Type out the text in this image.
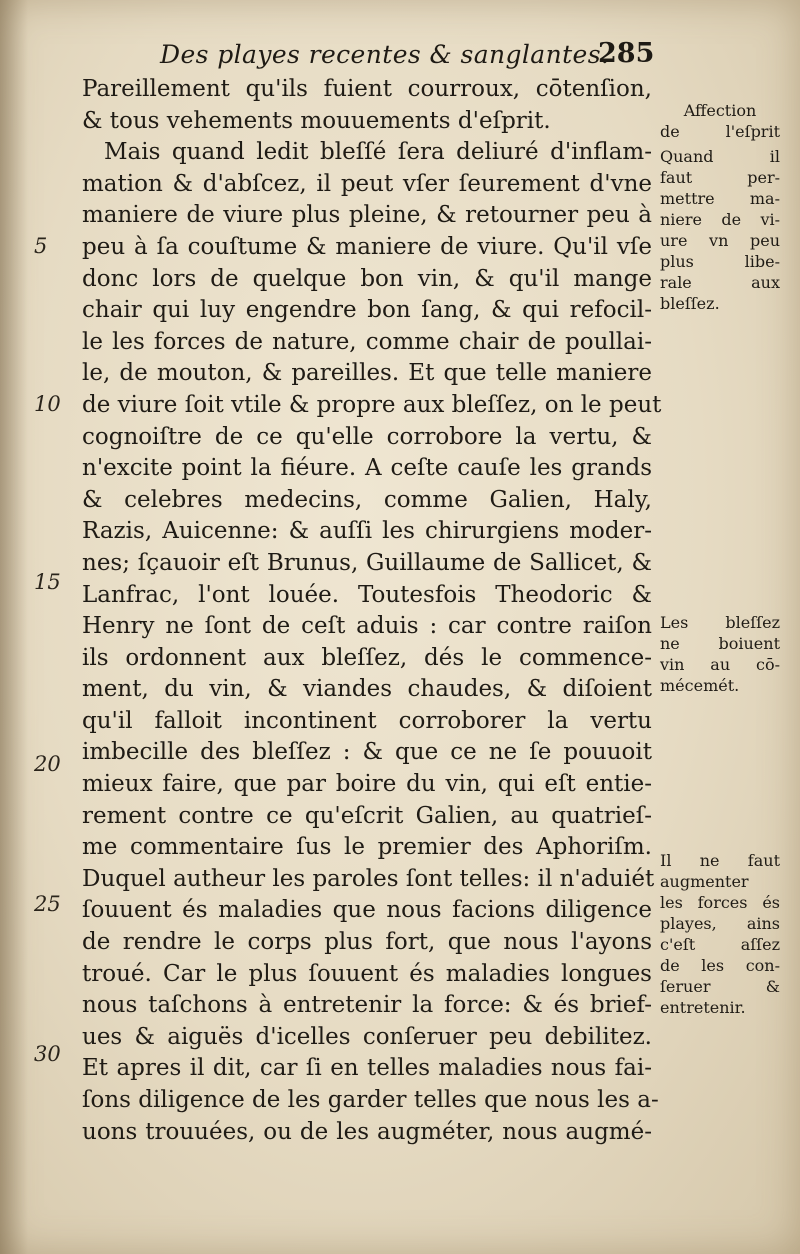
Des playes recentes & sanglantes.
285
Pareillement qu'ils fuient courroux, cōtenſion,
& tous vehements mouuements d'eſprit.
Mais quand ledit bleſſé ſera deliuré d'inflam-
mation & d'abſcez, il peut vſer ſeurement d'vne
maniere de viure plus pleine, & retourner peu à
peu à ſa couſtume & maniere de viure. Qu'il vſe
donc lors de quelque bon vin, & qu'il mange
chair qui luy engendre bon ſang, & qui refocil-
le les forces de nature, comme chair de poullai-
le, de mouton, & pareilles. Et que telle maniere
de viure ſoit vtile & propre aux bleſſez, on le peut
cognoiſtre de ce qu'elle corrobore la vertu, &
n'excite point la fiéure. A ceſte cauſe les grands
& celebres medecins, comme Galien, Haly,
Razis, Auicenne: & auſſi les chirurgiens moder-
nes; ſçauoir eſt Brunus, Guillaume de Sallicet, &
Lanfrac, l'ont louée. Toutesfois Theodoric &
Henry ne ſont de ceſt aduis : car contre raiſon
ils ordonnent aux bleſſez, dés le commence-
ment, du vin, & viandes chaudes, & diſoient
qu'il falloit incontinent corroborer la vertu
imbecille des bleſſez : & que ce ne ſe pouuoit
mieux faire, que par boire du vin, qui eſt entie-
rement contre ce qu'eſcrit Galien, au quatrieſ-
me commentaire ſus le premier des Aphoriſm.
Duquel autheur les paroles ſont telles: il n'aduiét
ſouuent és maladies que nous facions diligence
de rendre le corps plus fort, que nous l'ayons
troué. Car le plus ſouuent és maladies longues
nous taſchons à entretenir la force: & és brief-
ues & aiguës d'icelles conſeruer peu debilitez.
Et apres il dit, car ſi en telles maladies nous fai-
ſons diligence de les garder telles que nous les a-
uons trouuées, ou de les augméter, nous augmé-
5
10
15
20
25
30
Affection
de l'eſprit
Quand il
faut per-
mettre ma-
niere de vi-
ure vn peu
plus libe-
rale aux
bleſſez.
Les bleſſez
ne boiuent
vin au cō-
mécemét.
Il ne faut
augmenter
les forces és
playes, ains
c'eſt aſſez
de les con-
ſeruer &
entretenir.
